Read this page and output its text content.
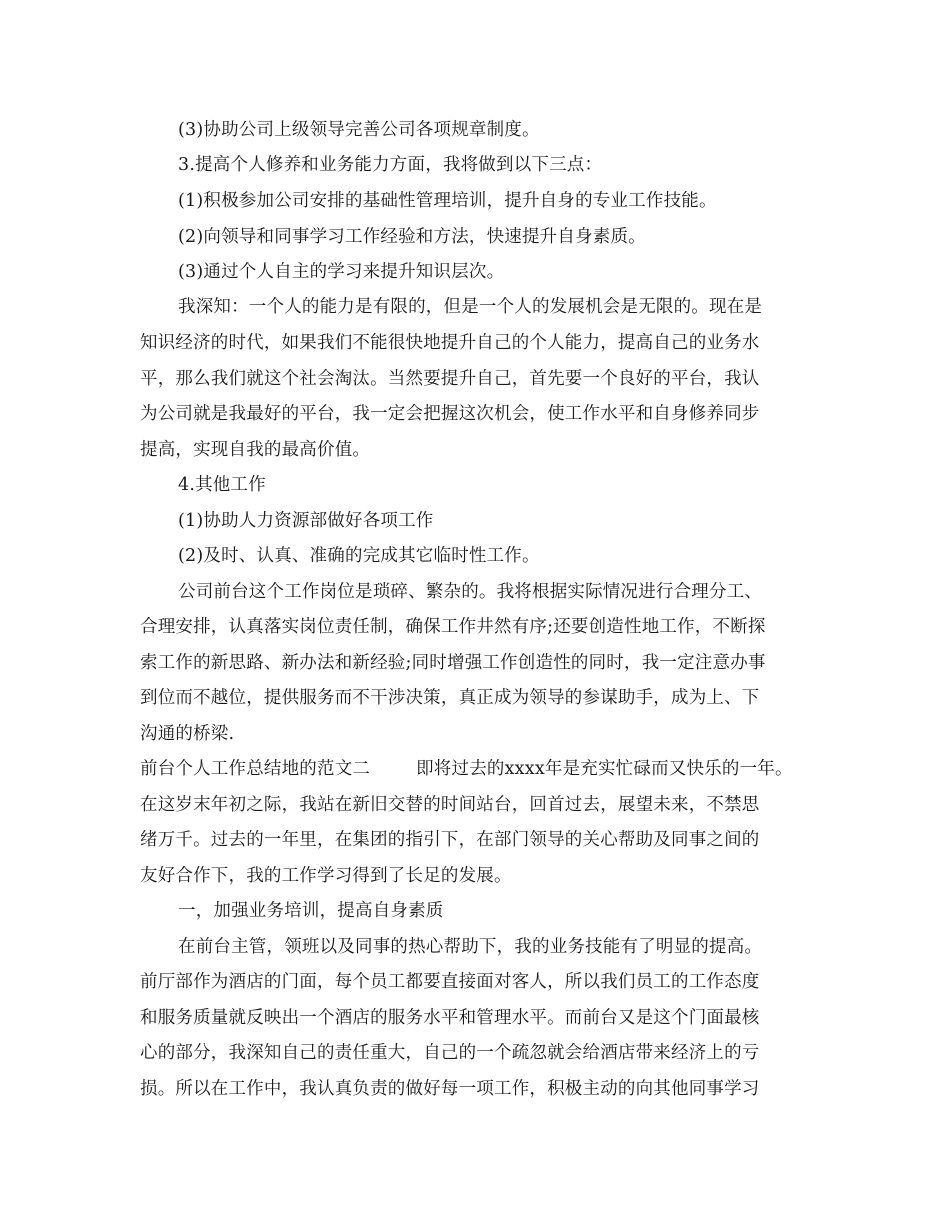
(3)协助公司上级领导完善公司各项规章制度。
3.提高个人修养和业务能力方面，我将做到以下三点：
(1)积极参加公司安排的基础性管理培训，提升自身的专业工作技能。
(2)向领导和同事学习工作经验和方法，快速提升自身素质。
(3)通过个人自主的学习来提升知识层次。
我深知：一个人的能力是有限的，但是一个人的发展机会是无限的。现在是
知识经济的时代，如果我们不能很快地提升自己的个人能力，提高自己的业务水
平，那么我们就这个社会淘汰。当然要提升自己，首先要一个良好的平台，我认
为公司就是我最好的平台，我一定会把握这次机会，使工作水平和自身修养同步
提高，实现自我的最高价值。
4.其他工作
(1)协助人力资源部做好各项工作
(2)及时、认真、准确的完成其它临时性工作。
公司前台这个工作岗位是琐碎、繁杂的。我将根据实际情况进行合理分工、
合理安排，认真落实岗位责任制，确保工作井然有序;还要创造性地工作，不断探
索工作的新思路、新办法和新经验;同时增强工作创造性的同时，我一定注意办事
到位而不越位，提供服务而不干涉决策，真正成为领导的参谋助手，成为上、下
沟通的桥梁.
前台个人工作总结地的范文二	即将过去的xxxx年是充实忙碌而又快乐的一年。
在这岁末年初之际，我站在新旧交替的时间站台，回首过去，展望未来，不禁思
绪万千。过去的一年里，在集团的指引下，在部门领导的关心帮助及同事之间的
友好合作下，我的工作学习得到了长足的发展。
一，加强业务培训，提高自身素质
在前台主管，领班以及同事的热心帮助下，我的业务技能有了明显的提高。
前厅部作为酒店的门面，每个员工都要直接面对客人，所以我们员工的工作态度
和服务质量就反映出一个酒店的服务水平和管理水平。而前台又是这个门面最核
心的部分，我深知自己的责任重大，自己的一个疏忽就会给酒店带来经济上的亏
损。所以在工作中，我认真负责的做好每一项工作，积极主动的向其他同事学习
